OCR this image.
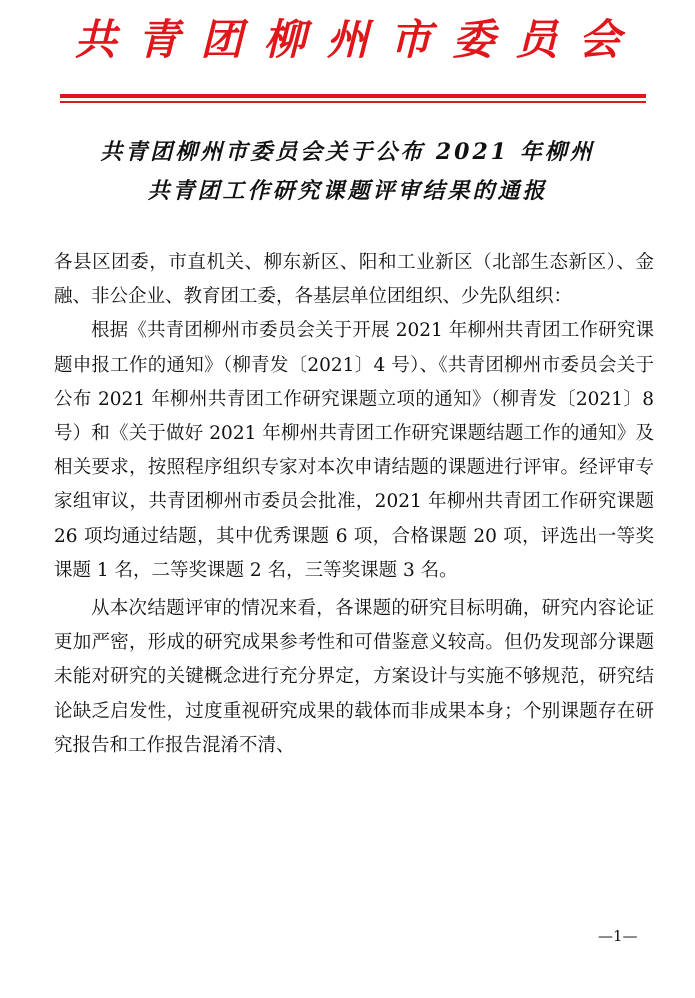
共青团柳州市委员会
共青团柳州市委员会关于公布 2021 年柳州
共青团工作研究课题评审结果的通报

各县区团委，市直机关、柳东新区、阳和工业新区（北部生态新区）、金融、非公企业、教育团工委，各基层单位团组织、少先队组织：

根据《共青团柳州市委员会关于开展 2021 年柳州共青团工作研究课题申报工作的通知》（柳青发〔2021〕4 号）、《共青团柳州市委员会关于公布 2021 年柳州共青团工作研究课题立项的通知》（柳青发〔2021〕8 号）和《关于做好 2021 年柳州共青团工作研究课题结题工作的通知》及相关要求，按照程序组织专家对本次申请结题的课题进行评审。经评审专家组审议，共青团柳州市委员会批准，2021 年柳州共青团工作研究课题 26 项均通过结题，其中优秀课题 6 项，合格课题 20 项，评选出一等奖课题 1 名，二等奖课题 2 名，三等奖课题 3 名。

从本次结题评审的情况来看，各课题的研究目标明确，研究内容论证更加严密，形成的研究成果参考性和可借鉴意义较高。但仍发现部分课题未能对研究的关键概念进行充分界定，方案设计与实施不够规范，研究结论缺乏启发性，过度重视研究成果的载体而非成果本身；个别课题存在研究报告和工作报告混淆不清、

—1—
